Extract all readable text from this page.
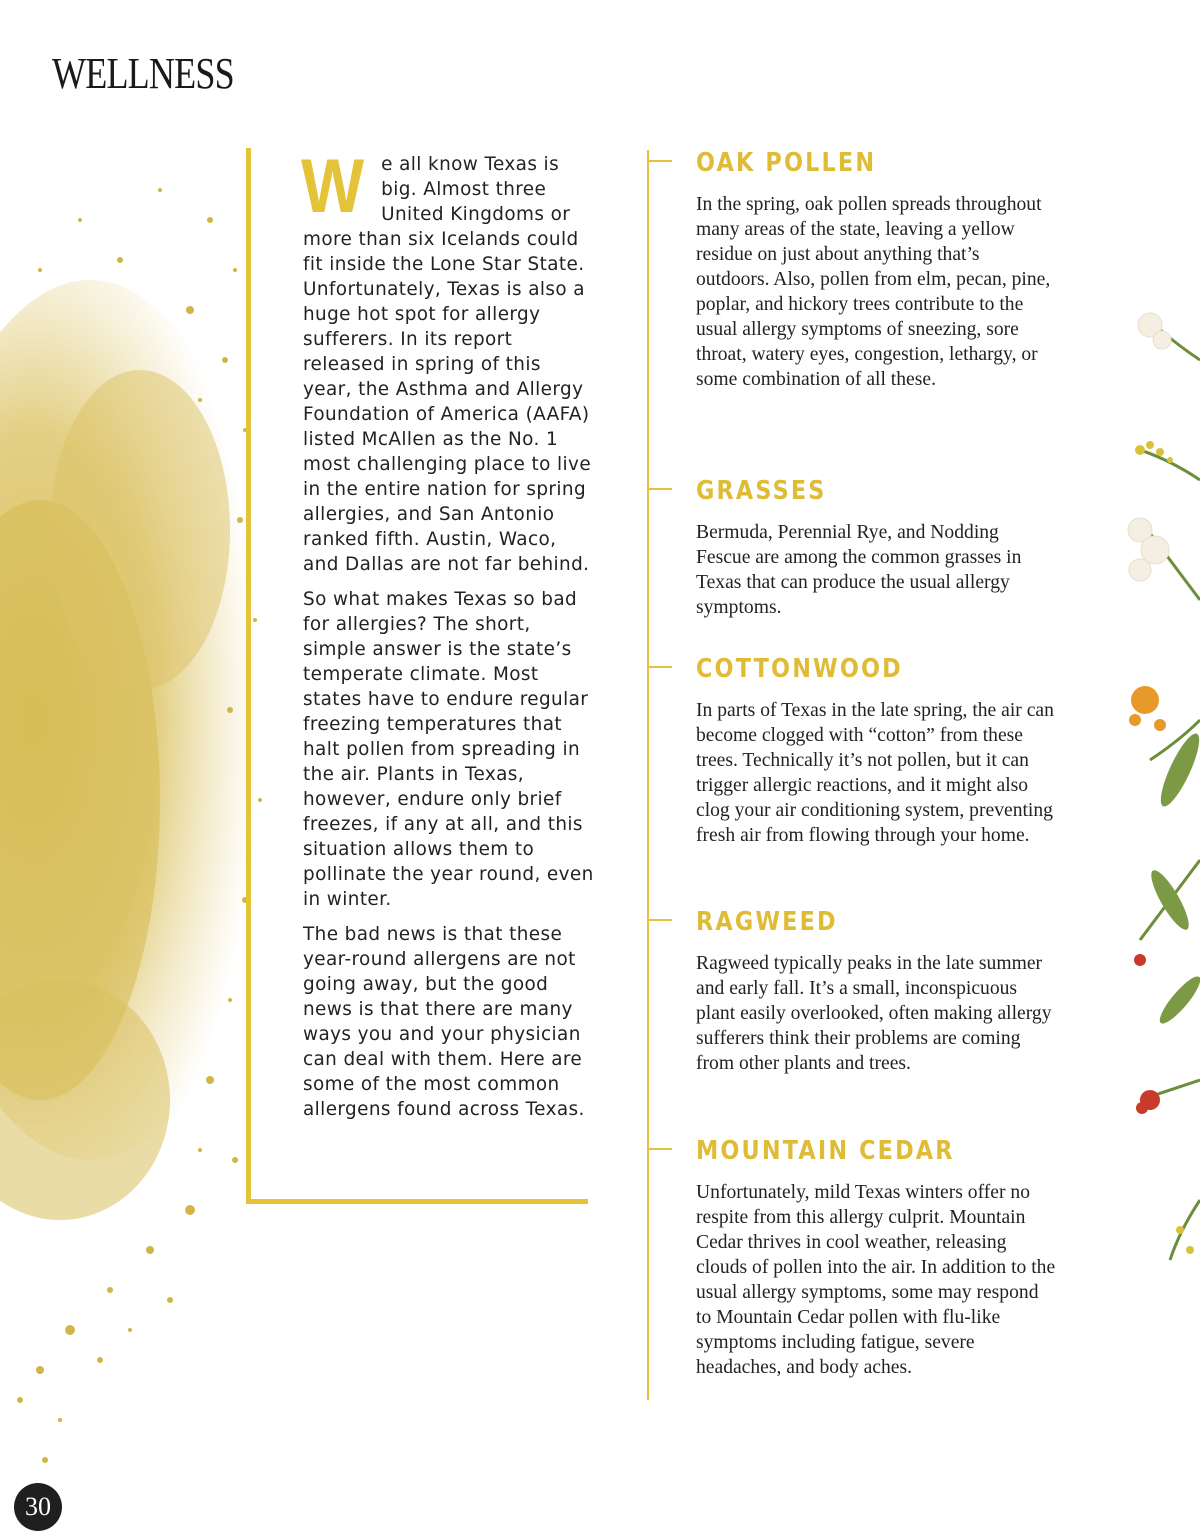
WELLNESS

We all know Texas is big. Almost three United Kingdoms or more than six Icelands could fit inside the Lone Star State. Unfortunately, Texas is also a huge hot spot for allergy sufferers. In its report released in spring of this year, the Asthma and Allergy Foundation of America (AAFA) listed McAllen as the No. 1 most challenging place to live in the entire nation for spring allergies, and San Antonio ranked fifth. Austin, Waco, and Dallas are not far behind.

So what makes Texas so bad for allergies? The short, simple answer is the state’s temperate climate. Most states have to endure regular freezing temperatures that halt pollen from spreading in the air. Plants in Texas, however, endure only brief freezes, if any at all, and this situation allows them to pollinate the year round, even in winter.

The bad news is that these year-round allergens are not going away, but the good news is that there are many ways you and your physician can deal with them. Here are some of the most common allergens found across Texas.

OAK POLLEN

In the spring, oak pollen spreads throughout many areas of the state, leaving a yellow residue on just about anything that’s outdoors. Also, pollen from elm, pecan, pine, poplar, and hickory trees contribute to the usual allergy symptoms of sneezing, sore throat, watery eyes, congestion, lethargy, or some combination of all these.

GRASSES

Bermuda, Perennial Rye, and Nodding Fescue are among the common grasses in Texas that can produce the usual allergy symptoms.

COTTONWOOD

In parts of Texas in the late spring, the air can become clogged with “cotton” from these trees. Technically it’s not pollen, but it can trigger allergic reactions, and it might also clog your air conditioning system, preventing fresh air from flowing through your home.

RAGWEED

Ragweed typically peaks in the late summer and early fall. It’s a small, inconspicuous plant easily overlooked, often making allergy sufferers think their problems are coming from other plants and trees.

MOUNTAIN CEDAR

Unfortunately, mild Texas winters offer no respite from this allergy culprit. Mountain Cedar thrives in cool weather, releasing clouds of pollen into the air. In addition to the usual allergy symptoms, some may respond to Mountain Cedar pollen with flu-like symptoms including fatigue, severe headaches, and body aches.

30
